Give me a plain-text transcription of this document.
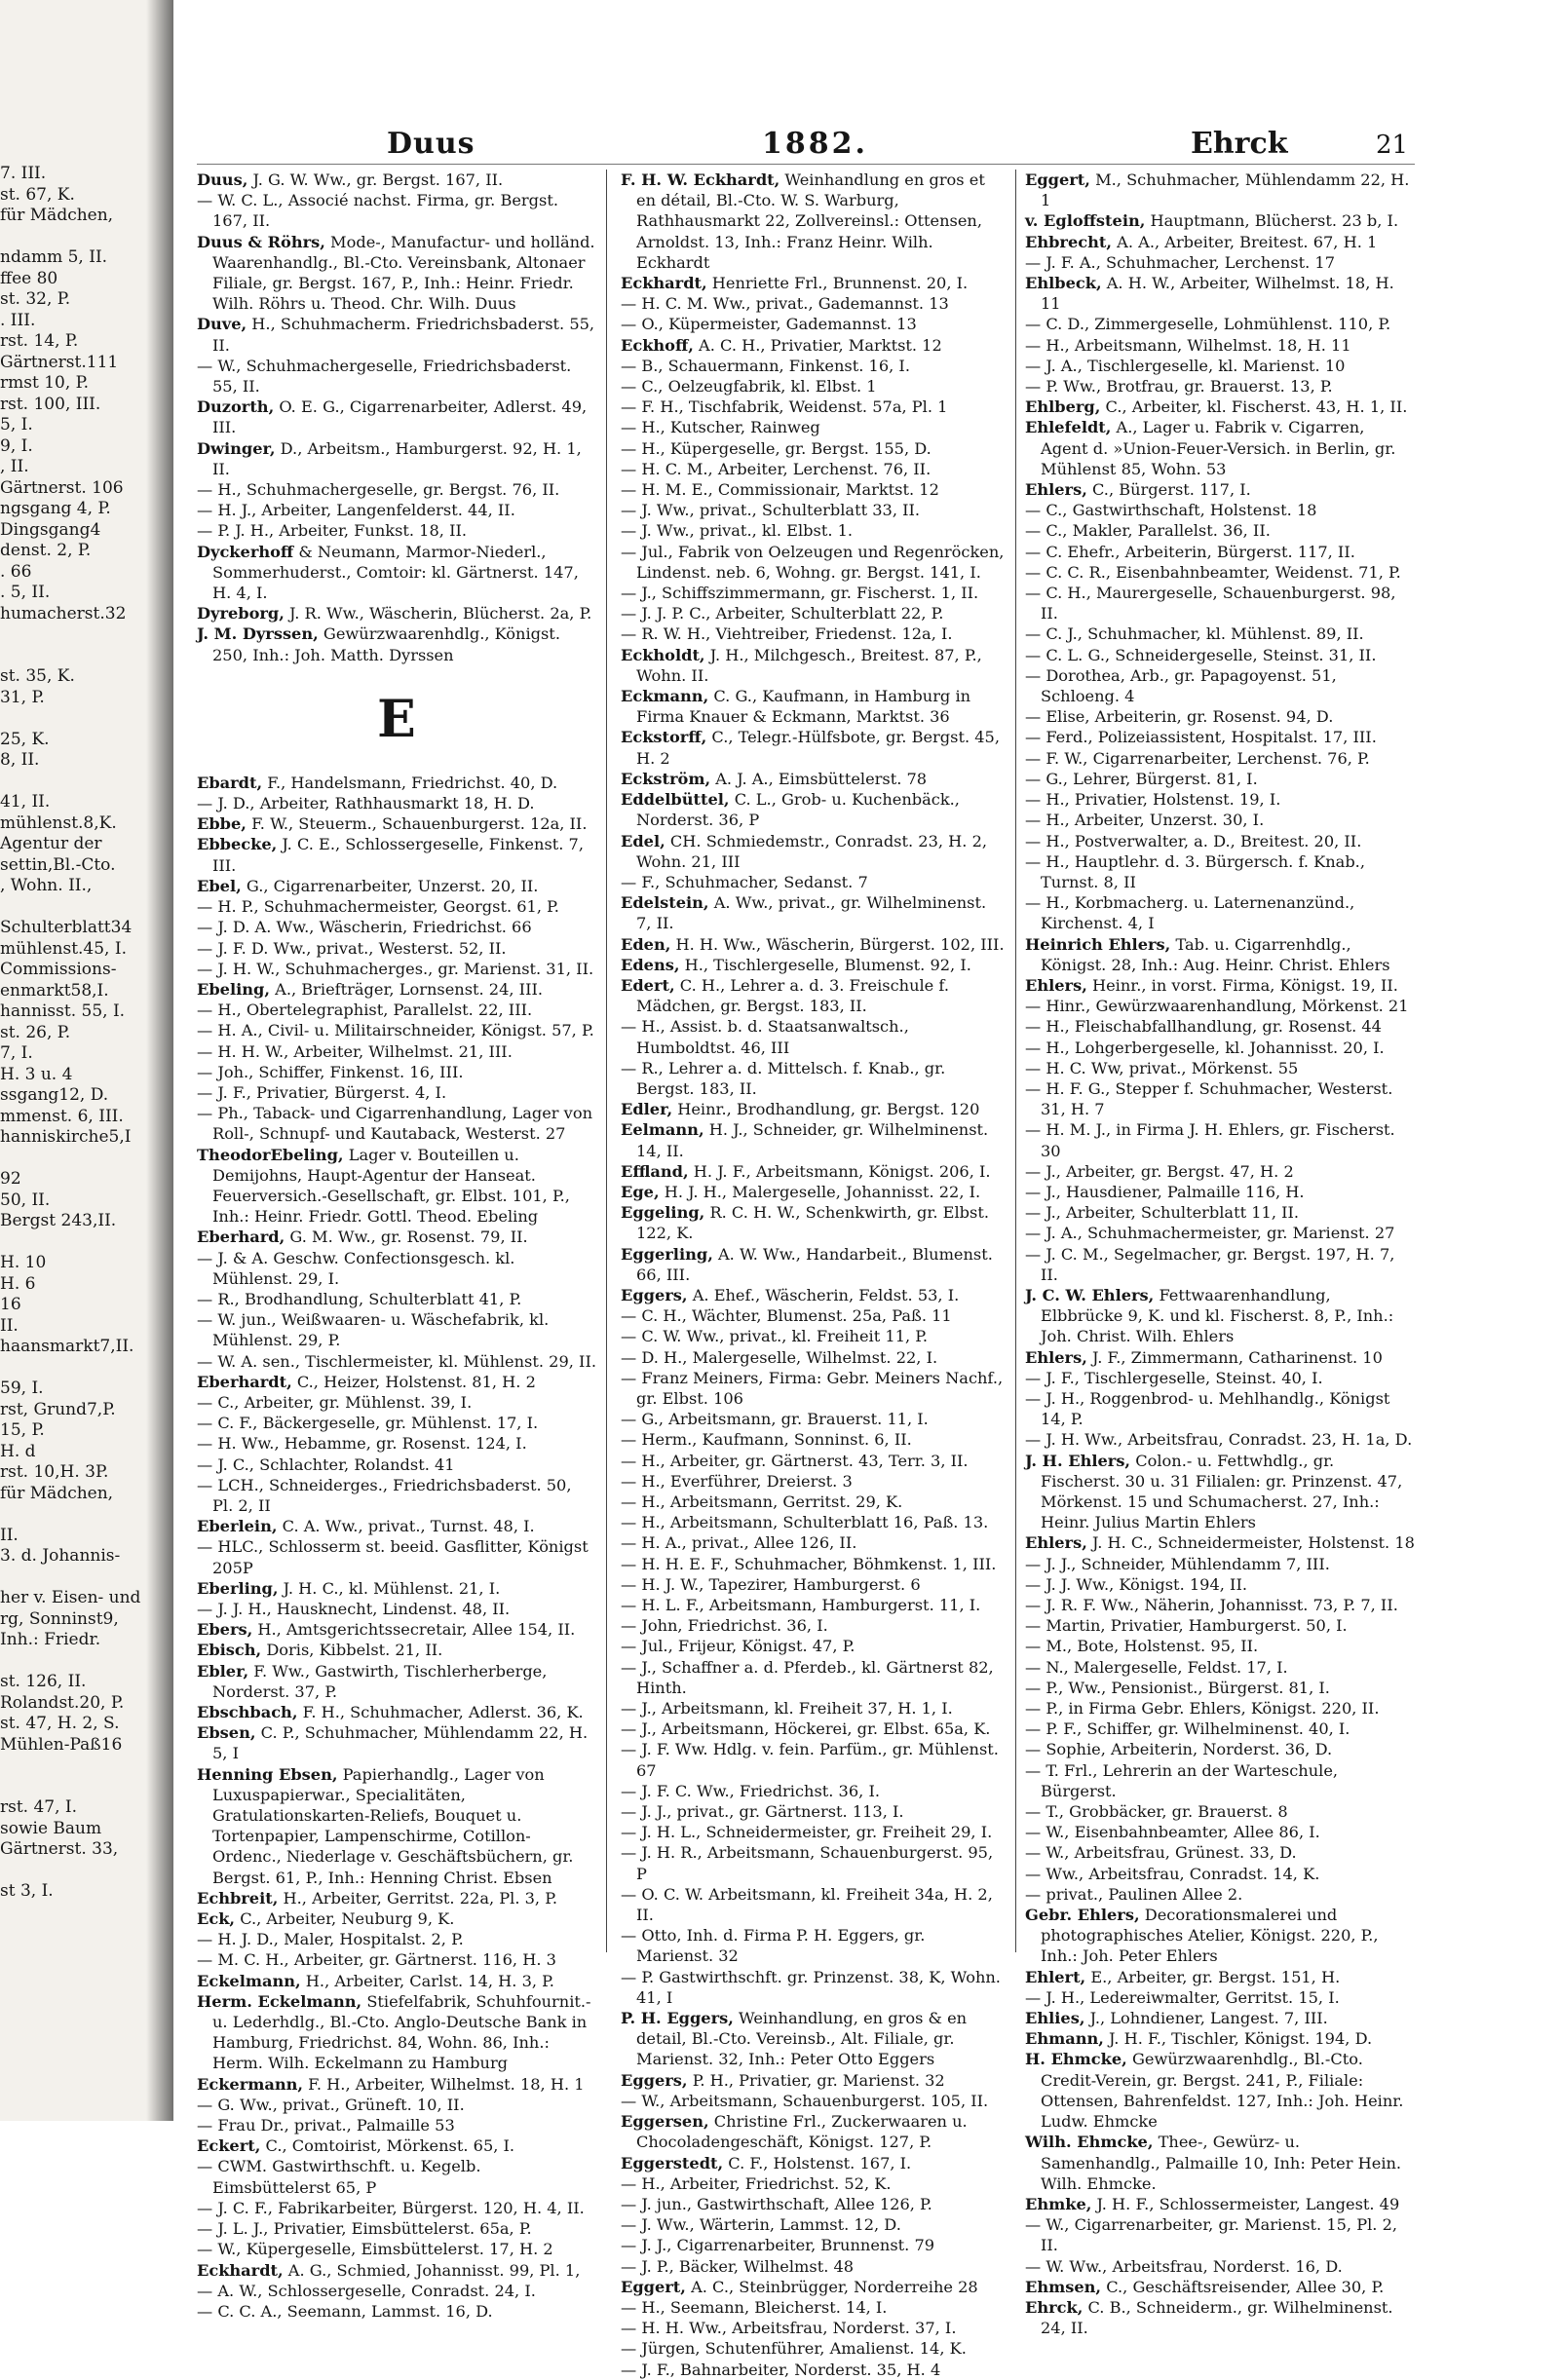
7. III.
st. 67, K.
für Mädchen,

ndamm 5, II.
ffee 80
st. 32, P.
. III.
rst. 14, P.
Gärtnerst.111
rmst 10, P.
rst. 100, III.
5, I.
9, I.
, II.
Gärtnerst. 106
ngsgang 4, P.
Dingsgang4
denst. 2, P.
. 66
. 5, II.
humacherst.32

st. 35, K.
31, P.

25, K.
8, II.

41, II.
mühlenst.8,K.
Agentur der
settin,Bl.-Cto.
, Wohn. II.,

Schulterblatt34
mühlenst.45, I.
Commissions-
enmarkt58,I.
hannisst. 55, I.
st. 26, P.
7, I.
H. 3 u. 4
ssgang12, D.
mmenst. 6, III.
hanniskirche5,I

92
50, II.
Bergst 243,II.

H. 10
H. 6
16
II.
haansmarkt7,II.

59, I.
rst, Grund7,P.
15, P.
H. d
rst. 10,H. 3P.
für Mädchen,

II.
3. d. Johannis-

her v. Eisen- und
rg, Sonninst9,
Inh.: Friedr.

st. 126, II.
Rolandst.20, P.
st. 47, H. 2, S.
Mühlen-Paß16

rst. 47, I.
sowie Baum
Gärtnerst. 33,

st 3, I.
Duus	1882.	Ehrck	21

Duus, J. G. W. Ww., gr. Bergst. 167, II.

— W. C. L., Associé nachst. Firma, gr. Bergst. 167, II.

Duus & Röhrs, Mode-, Manufactur- und holländ. Waarenhandlg., Bl.-Cto. Vereinsbank, Altonaer Filiale, gr. Bergst. 167, P., Inh.: Heinr. Friedr. Wilh. Röhrs u. Theod. Chr. Wilh. Duus

Duve, H., Schuhmacherm. Friedrichsbaderst. 55, II.

— W., Schuhmachergeselle, Friedrichsbaderst. 55, II.

Duzorth, O. E. G., Cigarrenarbeiter, Adlerst. 49, III.

Dwinger, D., Arbeitsm., Hamburgerst. 92, H. 1, II.

— H., Schuhmachergeselle, gr. Bergst. 76, II.

— H. J., Arbeiter, Langenfelderst. 44, II.

— P. J. H., Arbeiter, Funkst. 18, II.

Dyckerhoff & Neumann, Marmor-Niederl., Sommerhuderst., Comtoir: kl. Gärtnerst. 147, H. 4, I.

Dyreborg, J. R. Ww., Wäscherin, Blücherst. 2a, P.

J. M. Dyrssen, Gewürzwaarenhdlg., Königst. 250, Inh.: Joh. Matth. Dyrssen

E

Ebardt, F., Handelsmann, Friedrichst. 40, D.

— J. D., Arbeiter, Rathhausmarkt 18, H. D.

Ebbe, F. W., Steuerm., Schauenburgerst. 12a, II.

Ebbecke, J. C. E., Schlossergeselle, Finkenst. 7, III.

Ebel, G., Cigarrenarbeiter, Unzerst. 20, II.

— H. P., Schuhmachermeister, Georgst. 61, P.

— J. D. A. Ww., Wäscherin, Friedrichst. 66

— J. F. D. Ww., privat., Westerst. 52, II.

— J. H. W., Schuhmacherges., gr. Marienst. 31, II.

Ebeling, A., Briefträger, Lornsenst. 24, III.

— H., Obertelegraphist, Parallelst. 22, III.

— H. A., Civil- u. Militairschneider, Königst. 57, P.

— H. H. W., Arbeiter, Wilhelmst. 21, III.

— Joh., Schiffer, Finkenst. 16, III.

— J. F., Privatier, Bürgerst. 4, I.

— Ph., Taback- und Cigarrenhandlung, Lager von Roll-, Schnupf- und Kautaback, Westerst. 27

TheodorEbeling, Lager v. Bouteillen u. Demijohns, Haupt-Agentur der Hanseat. Feuerversich.-Gesellschaft, gr. Elbst. 101, P., Inh.: Heinr. Friedr. Gottl. Theod. Ebeling

Eberhard, G. M. Ww., gr. Rosenst. 79, II.

— J. & A. Geschw. Confectionsgesch. kl. Mühlenst. 29, I.

— R., Brodhandlung, Schulterblatt 41, P.

— W. jun., Weißwaaren- u. Wäschefabrik, kl. Mühlenst. 29, P.

— W. A. sen., Tischlermeister, kl. Mühlenst. 29, II.

Eberhardt, C., Heizer, Holstenst. 81, H. 2

— C., Arbeiter, gr. Mühlenst. 39, I.

— C. F., Bäckergeselle, gr. Mühlenst. 17, I.

— H. Ww., Hebamme, gr. Rosenst. 124, I.

— J. C., Schlachter, Rolandst. 41

— LCH., Schneiderges., Friedrichsbaderst. 50, Pl. 2, II

Eberlein, C. A. Ww., privat., Turnst. 48, I.

— HLC., Schlosserm st. beeid. Gasflitter, Königst 205P

Eberling, J. H. C., kl. Mühlenst. 21, I.

— J. J. H., Hausknecht, Lindenst. 48, II.

Ebers, H., Amtsgerichtssecretair, Allee 154, II.

Ebisch, Doris, Kibbelst. 21, II.

Ebler, F. Ww., Gastwirth, Tischlerherberge, Norderst. 37, P.

Ebschbach, F. H., Schuhmacher, Adlerst. 36, K.

Ebsen, C. P., Schuhmacher, Mühlendamm 22, H. 5, I

Henning Ebsen, Papierhandlg., Lager von Luxuspapierwar., Specialitäten, Gratulationskarten-Reliefs, Bouquet u. Tortenpapier, Lampenschirme, Cotillon-Ordenc., Niederlage v. Geschäftsbüchern, gr. Bergst. 61, P., Inh.: Henning Christ. Ebsen

Echbreit, H., Arbeiter, Gerritst. 22a, Pl. 3, P.

Eck, C., Arbeiter, Neuburg 9, K.

— H. J. D., Maler, Hospitalst. 2, P.

— M. C. H., Arbeiter, gr. Gärtnerst. 116, H. 3

Eckelmann, H., Arbeiter, Carlst. 14, H. 3, P.

Herm. Eckelmann, Stiefelfabrik, Schuhfournit.- u. Lederhdlg., Bl.-Cto. Anglo-Deutsche Bank in Hamburg, Friedrichst. 84, Wohn. 86, Inh.: Herm. Wilh. Eckelmann zu Hamburg

Eckermann, F. H., Arbeiter, Wilhelmst. 18, H. 1

— G. Ww., privat., Grüneft. 10, II.

— Frau Dr., privat., Palmaille 53

Eckert, C., Comtoirist, Mörkenst. 65, I.

— CWM. Gastwirthschft. u. Kegelb. Eimsbüttelerst 65, P

— J. C. F., Fabrikarbeiter, Bürgerst. 120, H. 4, II.

— J. L. J., Privatier, Eimsbüttelerst. 65a, P.

— W., Küpergeselle, Eimsbüttelerst. 17, H. 2

Eckhardt, A. G., Schmied, Johannisst. 99, Pl. 1,

— A. W., Schlossergeselle, Conradst. 24, I.

— C. C. A., Seemann, Lammst. 16, D.

F. H. W. Eckhardt, Weinhandlung en gros et en détail, Bl.-Cto. W. S. Warburg, Rathhausmarkt 22, Zollvereinsl.: Ottensen, Arnoldst. 13, Inh.: Franz Heinr. Wilh. Eckhardt

Eckhardt, Henriette Frl., Brunnenst. 20, I.

— H. C. M. Ww., privat., Gademannst. 13

— O., Küpermeister, Gademannst. 13

Eckhoff, A. C. H., Privatier, Marktst. 12

— B., Schauermann, Finkenst. 16, I.

— C., Oelzeugfabrik, kl. Elbst. 1

— F. H., Tischfabrik, Weidenst. 57a, Pl. 1

— H., Kutscher, Rainweg

— H., Küpergeselle, gr. Bergst. 155, D.

— H. C. M., Arbeiter, Lerchenst. 76, II.

— H. M. E., Commissionair, Marktst. 12

— J. Ww., privat., Schulterblatt 33, II.

— J. Ww., privat., kl. Elbst. 1.

— Jul., Fabrik von Oelzeugen und Regenröcken, Lindenst. neb. 6, Wohng. gr. Bergst. 141, I.

— J., Schiffszimmermann, gr. Fischerst. 1, II.

— J. J. P. C., Arbeiter, Schulterblatt 22, P.

— R. W. H., Viehtreiber, Friedenst. 12a, I.

Eckholdt, J. H., Milchgesch., Breitest. 87, P., Wohn. II.

Eckmann, C. G., Kaufmann, in Hamburg in Firma Knauer & Eckmann, Marktst. 36

Eckstorff, C., Telegr.-Hülfsbote, gr. Bergst. 45, H. 2

Eckström, A. J. A., Eimsbüttelerst. 78

Eddelbüttel, C. L., Grob- u. Kuchenbäck., Norderst. 36, P

Edel, CH. Schmiedemstr., Conradst. 23, H. 2, Wohn. 21, III

— F., Schuhmacher, Sedanst. 7

Edelstein, A. Ww., privat., gr. Wilhelminenst. 7, II.

Eden, H. H. Ww., Wäscherin, Bürgerst. 102, III.

Edens, H., Tischlergeselle, Blumenst. 92, I.

Edert, C. H., Lehrer a. d. 3. Freischule f. Mädchen, gr. Bergst. 183, II.

— H., Assist. b. d. Staatsanwaltsch., Humboldtst. 46, III

— R., Lehrer a. d. Mittelsch. f. Knab., gr. Bergst. 183, II.

Edler, Heinr., Brodhandlung, gr. Bergst. 120

Eelmann, H. J., Schneider, gr. Wilhelminenst. 14, II.

Effland, H. J. F., Arbeitsmann, Königst. 206, I.

Ege, H. J. H., Malergeselle, Johannisst. 22, I.

Eggeling, R. C. H. W., Schenkwirth, gr. Elbst. 122, K.

Eggerling, A. W. Ww., Handarbeit., Blumenst. 66, III.

Eggers, A. Ehef., Wäscherin, Feldst. 53, I.

— C. H., Wächter, Blumenst. 25a, Paß. 11

— C. W. Ww., privat., kl. Freiheit 11, P.

— D. H., Malergeselle, Wilhelmst. 22, I.

— Franz Meiners, Firma: Gebr. Meiners Nachf., gr. Elbst. 106

— G., Arbeitsmann, gr. Brauerst. 11, I.

— Herm., Kaufmann, Sonninst. 6, II.

— H., Arbeiter, gr. Gärtnerst. 43, Terr. 3, II.

— H., Everführer, Dreierst. 3

— H., Arbeitsmann, Gerritst. 29, K.

— H., Arbeitsmann, Schulterblatt 16, Paß. 13.

— H. A., privat., Allee 126, II.

— H. H. E. F., Schuhmacher, Böhmkenst. 1, III.

— H. J. W., Tapezirer, Hamburgerst. 6

— H. L. F., Arbeitsmann, Hamburgerst. 11, I.

— John, Friedrichst. 36, I.

— Jul., Frijeur, Königst. 47, P.

— J., Schaffner a. d. Pferdeb., kl. Gärtnerst 82, Hinth.

— J., Arbeitsmann, kl. Freiheit 37, H. 1, I.

— J., Arbeitsmann, Höckerei, gr. Elbst. 65a, K.

— J. F. Ww. Hdlg. v. fein. Parfüm., gr. Mühlenst. 67

— J. F. C. Ww., Friedrichst. 36, I.

— J. J., privat., gr. Gärtnerst. 113, I.

— J. H. L., Schneidermeister, gr. Freiheit 29, I.

— J. H. R., Arbeitsmann, Schauenburgerst. 95, P

— O. C. W. Arbeitsmann, kl. Freiheit 34a, H. 2, II.

— Otto, Inh. d. Firma P. H. Eggers, gr. Marienst. 32

— P. Gastwirthschft. gr. Prinzenst. 38, K, Wohn. 41, I

P. H. Eggers, Weinhandlung, en gros & en detail, Bl.-Cto. Vereinsb., Alt. Filiale, gr. Marienst. 32, Inh.: Peter Otto Eggers

Eggers, P. H., Privatier, gr. Marienst. 32

— W., Arbeitsmann, Schauenburgerst. 105, II.

Eggersen, Christine Frl., Zuckerwaaren u. Chocoladengeschäft, Königst. 127, P.

Eggerstedt, C. F., Holstenst. 167, I.

— H., Arbeiter, Friedrichst. 52, K.

— J. jun., Gastwirthschaft, Allee 126, P.

— J. Ww., Wärterin, Lammst. 12, D.

— J. J., Cigarrenarbeiter, Brunnenst. 79

— J. P., Bäcker, Wilhelmst. 48

Eggert, A. C., Steinbrügger, Norderreihe 28

— H., Seemann, Bleicherst. 14, I.

— H. H. Ww., Arbeitsfrau, Norderst. 37, I.

— Jürgen, Schutenführer, Amalienst. 14, K.

— J. F., Bahnarbeiter, Norderst. 35, H. 4

Eggert, M., Schuhmacher, Mühlendamm 22, H. 1

v. Egloffstein, Hauptmann, Blücherst. 23 b, I.

Ehbrecht, A. A., Arbeiter, Breitest. 67, H. 1

— J. F. A., Schuhmacher, Lerchenst. 17

Ehlbeck, A. H. W., Arbeiter, Wilhelmst. 18, H. 11

— C. D., Zimmergeselle, Lohmühlenst. 110, P.

— H., Arbeitsmann, Wilhelmst. 18, H. 11

— J. A., Tischlergeselle, kl. Marienst. 10

— P. Ww., Brotfrau, gr. Brauerst. 13, P.

Ehlberg, C., Arbeiter, kl. Fischerst. 43, H. 1, II.

Ehlefeldt, A., Lager u. Fabrik v. Cigarren, Agent d. »Union-Feuer-Versich. in Berlin, gr. Mühlenst 85, Wohn. 53

Ehlers, C., Bürgerst. 117, I.

— C., Gastwirthschaft, Holstenst. 18

— C., Makler, Parallelst. 36, II.

— C. Ehefr., Arbeiterin, Bürgerst. 117, II.

— C. C. R., Eisenbahnbeamter, Weidenst. 71, P.

— C. H., Maurergeselle, Schauenburgerst. 98, II.

— C. J., Schuhmacher, kl. Mühlenst. 89, II.

— C. L. G., Schneidergeselle, Steinst. 31, II.

— Dorothea, Arb., gr. Papagoyenst. 51, Schloeng. 4

— Elise, Arbeiterin, gr. Rosenst. 94, D.

— Ferd., Polizeiassistent, Hospitalst. 17, III.

— F. W., Cigarrenarbeiter, Lerchenst. 76, P.

— G., Lehrer, Bürgerst. 81, I.

— H., Privatier, Holstenst. 19, I.

— H., Arbeiter, Unzerst. 30, I.

— H., Postverwalter, a. D., Breitest. 20, II.

— H., Hauptlehr. d. 3. Bürgersch. f. Knab., Turnst. 8, II

— H., Korbmacherg. u. Laternenanzünd., Kirchenst. 4, I

Heinrich Ehlers, Tab. u. Cigarrenhdlg., Königst. 28, Inh.: Aug. Heinr. Christ. Ehlers

Ehlers, Heinr., in vorst. Firma, Königst. 19, II.

— Hinr., Gewürzwaarenhandlung, Mörkenst. 21

— H., Fleischabfallhandlung, gr. Rosenst. 44

— H., Lohgerbergeselle, kl. Johannisst. 20, I.

— H. C. Ww, privat., Mörkenst. 55

— H. F. G., Stepper f. Schuhmacher, Westerst. 31, H. 7

— H. M. J., in Firma J. H. Ehlers, gr. Fischerst. 30

— J., Arbeiter, gr. Bergst. 47, H. 2

— J., Hausdiener, Palmaille 116, H.

— J., Arbeiter, Schulterblatt 11, II.

— J. A., Schuhmachermeister, gr. Marienst. 27

— J. C. M., Segelmacher, gr. Bergst. 197, H. 7, II.

J. C. W. Ehlers, Fettwaarenhandlung, Elbbrücke 9, K. und kl. Fischerst. 8, P., Inh.: Joh. Christ. Wilh. Ehlers

Ehlers, J. F., Zimmermann, Catharinenst. 10

— J. F., Tischlergeselle, Steinst. 40, I.

— J. H., Roggenbrod- u. Mehlhandlg., Königst 14, P.

— J. H. Ww., Arbeitsfrau, Conradst. 23, H. 1a, D.

J. H. Ehlers, Colon.- u. Fettwhdlg., gr. Fischerst. 30 u. 31 Filialen: gr. Prinzenst. 47, Mörkenst. 15 und Schumacherst. 27, Inh.: Heinr. Julius Martin Ehlers

Ehlers, J. H. C., Schneidermeister, Holstenst. 18

— J. J., Schneider, Mühlendamm 7, III.

— J. J. Ww., Königst. 194, II.

— J. R. F. Ww., Näherin, Johannisst. 73, P. 7, II.

— Martin, Privatier, Hamburgerst. 50, I.

— M., Bote, Holstenst. 95, II.

— N., Malergeselle, Feldst. 17, I.

— P., Ww., Pensionist., Bürgerst. 81, I.

— P., in Firma Gebr. Ehlers, Königst. 220, II.

— P. F., Schiffer, gr. Wilhelminenst. 40, I.

— Sophie, Arbeiterin, Norderst. 36, D.

— T. Frl., Lehrerin an der Warteschule, Bürgerst.

— T., Grobbäcker, gr. Brauerst. 8

— W., Eisenbahnbeamter, Allee 86, I.

— W., Arbeitsfrau, Grünest. 33, D.

— Ww., Arbeitsfrau, Conradst. 14, K.

— privat., Paulinen Allee 2.

Gebr. Ehlers, Decorationsmalerei und photographisches Atelier, Königst. 220, P., Inh.: Joh. Peter Ehlers

Ehlert, E., Arbeiter, gr. Bergst. 151, H.

— J. H., Ledereiwmalter, Gerritst. 15, I.

Ehlies, J., Lohndiener, Langest. 7, III.

Ehmann, J. H. F., Tischler, Königst. 194, D.

H. Ehmcke, Gewürzwaarenhdlg., Bl.-Cto. Credit-Verein, gr. Bergst. 241, P., Filiale: Ottensen, Bahrenfeldst. 127, Inh.: Joh. Heinr. Ludw. Ehmcke

Wilh. Ehmcke, Thee-, Gewürz- u. Samenhandlg., Palmaille 10, Inh: Peter Hein. Wilh. Ehmcke.

Ehmke, J. H. F., Schlossermeister, Langest. 49

— W., Cigarrenarbeiter, gr. Marienst. 15, Pl. 2, II.

— W. Ww., Arbeitsfrau, Norderst. 16, D.

Ehmsen, C., Geschäftsreisender, Allee 30, P.

Ehrck, C. B., Schneiderm., gr. Wilhelminenst. 24, II.
